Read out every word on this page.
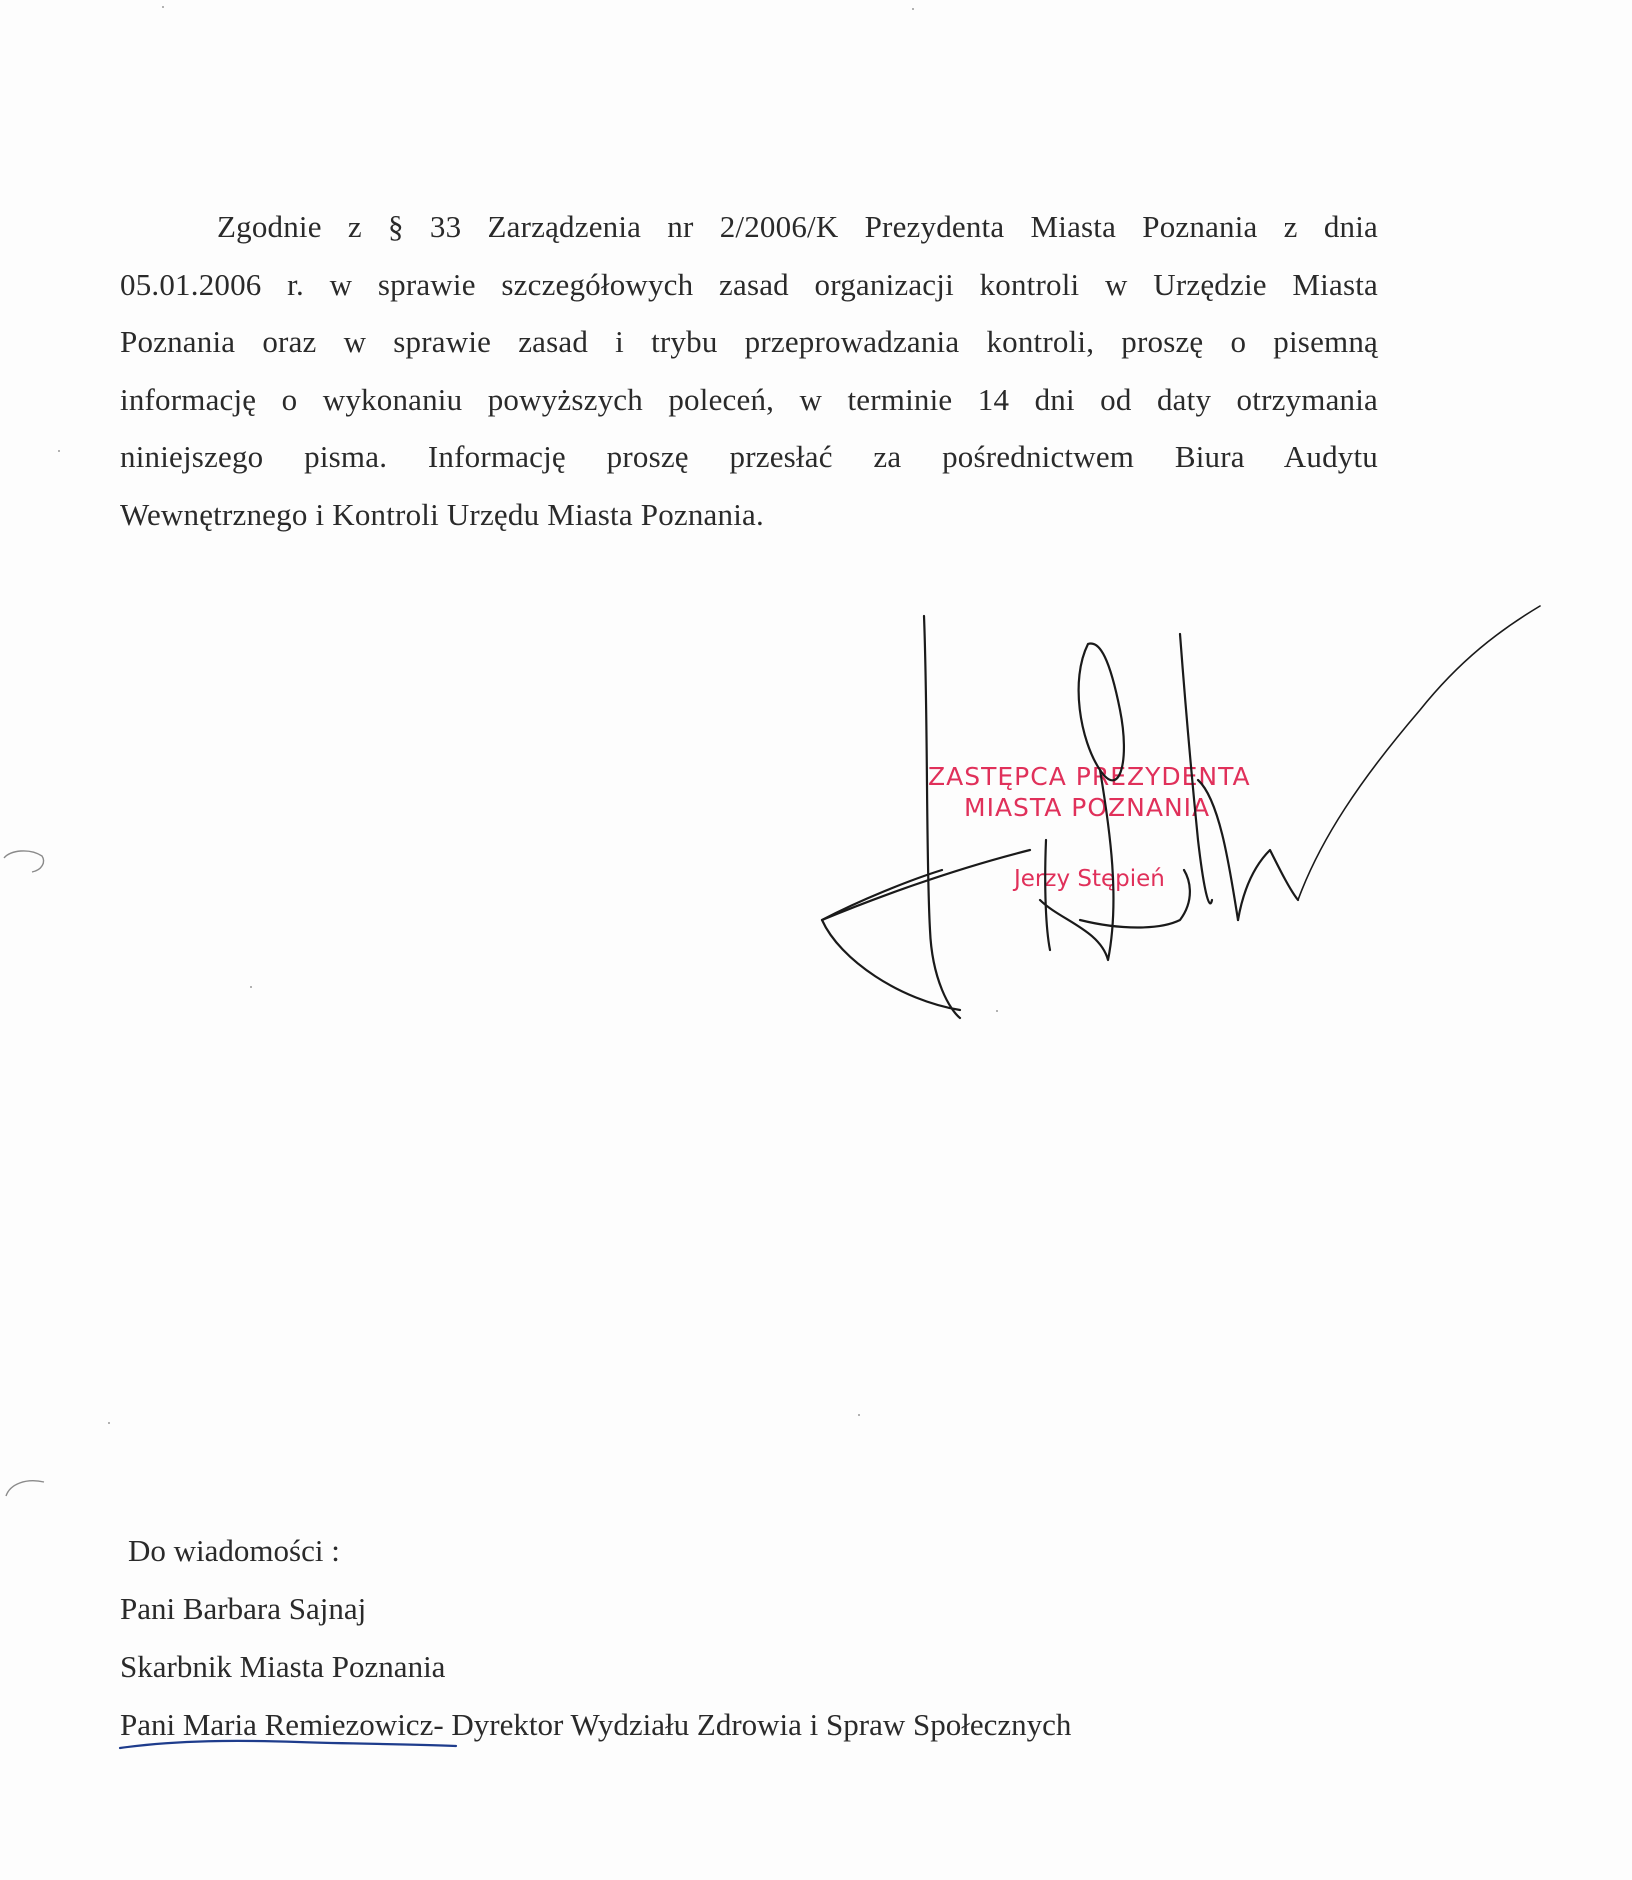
Zgodnie z § 33 Zarządzenia nr 2/2006/K Prezydenta Miasta Poznania z dnia
05.01.2006 r. w sprawie szczegółowych zasad organizacji kontroli w Urzędzie Miasta
Poznania oraz w sprawie zasad i trybu przeprowadzania kontroli, proszę o pisemną
informację o wykonaniu powyższych poleceń, w terminie 14 dni od daty otrzymania
niniejszego pisma. Informację proszę przesłać za pośrednictwem Biura Audytu
Wewnętrznego i Kontroli Urzędu Miasta Poznania.
ZASTĘPCA PREZYDENTA
MIASTA POZNANIA
Jerzy Stępień
Do wiadomości :
Pani Barbara Sajnaj
Skarbnik Miasta Poznania
Pani Maria Remiezowicz- Dyrektor Wydziału Zdrowia i Spraw Społecznych
